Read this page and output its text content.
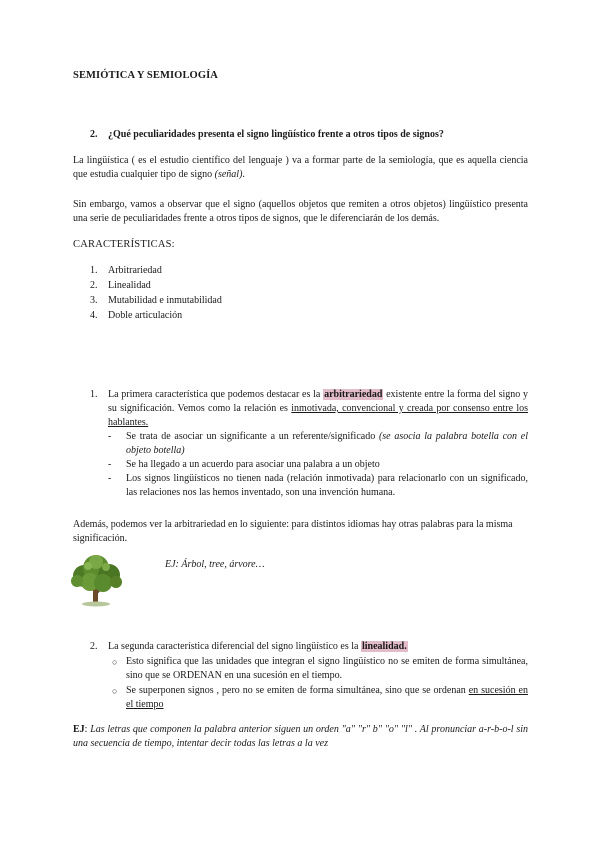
SEMIÓTICA Y SEMIOLOGÍA
2. ¿Qué peculiaridades presenta el signo lingüístico frente a otros tipos de signos?

La lingüística ( es el estudio científico del lenguaje ) va a formar parte de la semiología, que es aquella ciencia que estudia cualquier tipo de signo (señal).

Sin embargo, vamos a observar que el signo (aquellos objetos que remiten a otros objetos) lingüístico presenta una serie de peculiaridades frente a otros tipos de signos, que le diferenciarán de los demás.

CARACTERÍSTICAS:
1. Arbitrariedad
2. Linealidad
3. Mutabilidad e inmutabilidad
4. Doble articulación
1. La primera característica que podemos destacar es la arbitrariedad existente entre la forma del signo y su significación. Vemos como la relación es inmotivada, convencional y creada por consenso entre los hablantes.
- Se trata de asociar un significante a un referente/significado (se asocia la palabra botella con el objeto botella)
- Se ha llegado a un acuerdo para asociar una palabra a un objeto
- Los signos lingüísticos no tienen nada (relación inmotivada) para relacionarlo con un significado, las relaciones nos las hemos inventado, son una invención humana.
Además, podemos ver la arbitrariedad en lo siguiente: para distintos idiomas hay otras palabras para la misma significación.
EJ: Árbol, tree, árvore…
2. La segunda característica diferencial del signo lingüístico es la linealidad.
○ Esto significa que las unidades que integran el signo lingüístico no se emiten de forma simultánea, sino que se ORDENAN en una sucesión en el tiempo.
○ Se superponen signos , pero no se emiten de forma simultánea, sino que se ordenan en sucesión en el tiempo

EJ: Las letras que componen la palabra anterior siguen un orden "a" "r" b" "o" "l" . Al pronunciar a-r-b-o-l sin una secuencia de tiempo, intentar decir todas las letras a la vez
